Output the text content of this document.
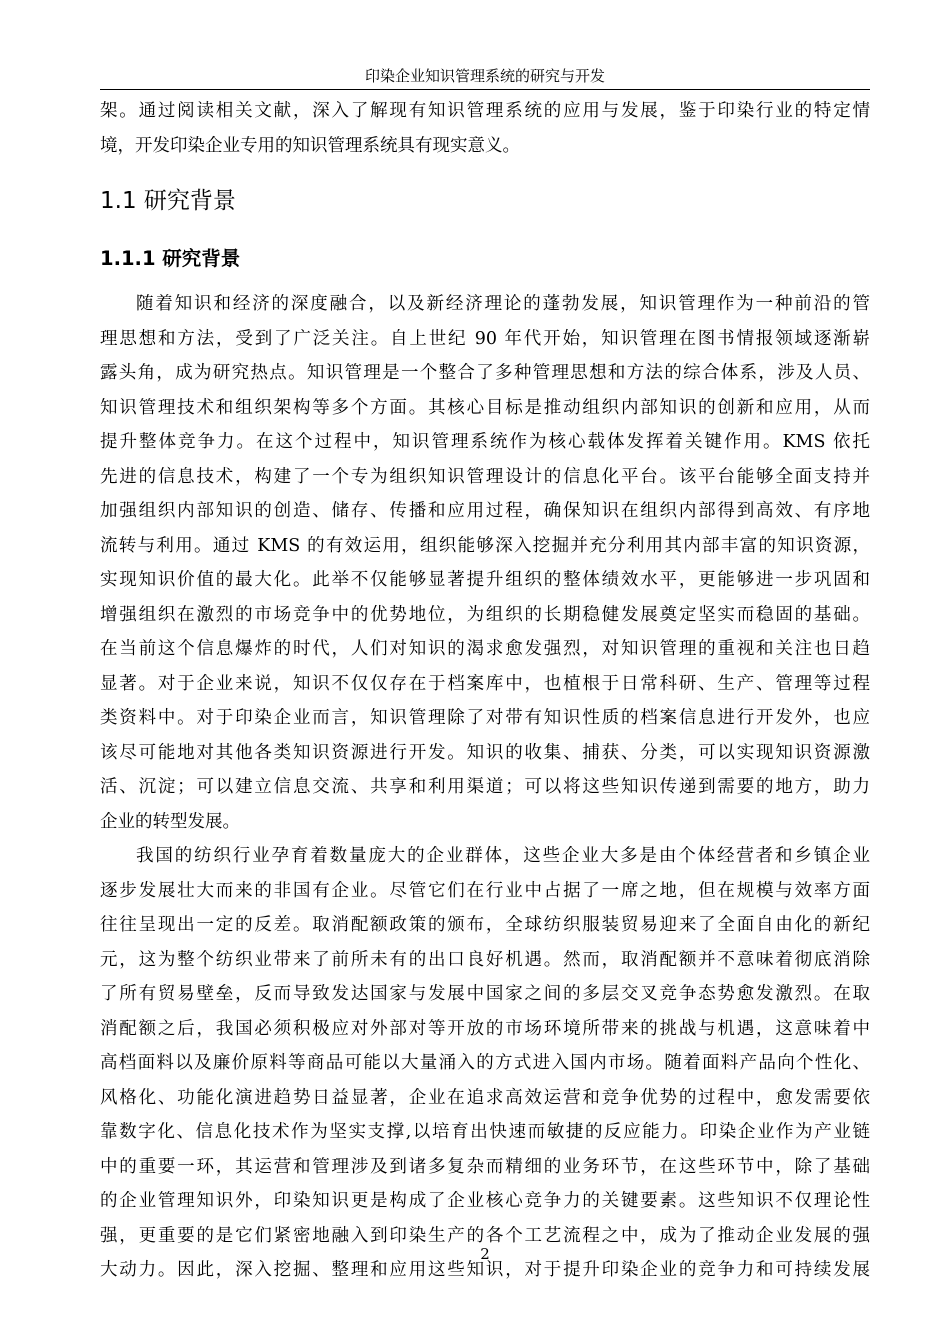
印染企业知识管理系统的研究与开发
架。通过阅读相关文献，深入了解现有知识管理系统的应用与发展，鉴于印染行业的特定情
境，开发印染企业专用的知识管理系统具有现实意义。
1.1 研究背景
1.1.1 研究背景
随着知识和经济的深度融合，以及新经济理论的蓬勃发展，知识管理作为一种前沿的管
理思想和方法，受到了广泛关注。自上世纪 90 年代开始，知识管理在图书情报领域逐渐崭
露头角，成为研究热点。知识管理是一个整合了多种管理思想和方法的综合体系，涉及人员、
知识管理技术和组织架构等多个方面。其核心目标是推动组织内部知识的创新和应用，从而
提升整体竞争力。在这个过程中，知识管理系统作为核心载体发挥着关键作用。KMS 依托
先进的信息技术，构建了一个专为组织知识管理设计的信息化平台。该平台能够全面支持并
加强组织内部知识的创造、储存、传播和应用过程，确保知识在组织内部得到高效、有序地
流转与利用。通过 KMS 的有效运用，组织能够深入挖掘并充分利用其内部丰富的知识资源，
实现知识价值的最大化。此举不仅能够显著提升组织的整体绩效水平，更能够进一步巩固和
增强组织在激烈的市场竞争中的优势地位，为组织的长期稳健发展奠定坚实而稳固的基础。
在当前这个信息爆炸的时代，人们对知识的渴求愈发强烈，对知识管理的重视和关注也日趋
显著。对于企业来说，知识不仅仅存在于档案库中，也植根于日常科研、生产、管理等过程
类资料中。对于印染企业而言，知识管理除了对带有知识性质的档案信息进行开发外，也应
该尽可能地对其他各类知识资源进行开发。知识的收集、捕获、分类，可以实现知识资源激
活、沉淀；可以建立信息交流、共享和利用渠道；可以将这些知识传递到需要的地方，助力
企业的转型发展。
我国的纺织行业孕育着数量庞大的企业群体，这些企业大多是由个体经营者和乡镇企业
逐步发展壮大而来的非国有企业。尽管它们在行业中占据了一席之地，但在规模与效率方面
往往呈现出一定的反差。取消配额政策的颁布，全球纺织服装贸易迎来了全面自由化的新纪
元，这为整个纺织业带来了前所未有的出口良好机遇。然而，取消配额并不意味着彻底消除
了所有贸易壁垒，反而导致发达国家与发展中国家之间的多层交叉竞争态势愈发激烈。在取
消配额之后，我国必须积极应对外部对等开放的市场环境所带来的挑战与机遇，这意味着中
高档面料以及廉价原料等商品可能以大量涌入的方式进入国内市场。随着面料产品向个性化、
风格化、功能化演进趋势日益显著，企业在追求高效运营和竞争优势的过程中，愈发需要依
靠数字化、信息化技术作为坚实支撑,以培育出快速而敏捷的反应能力。印染企业作为产业链
中的重要一环，其运营和管理涉及到诸多复杂而精细的业务环节，在这些环节中，除了基础
的企业管理知识外，印染知识更是构成了企业核心竞争力的关键要素。这些知识不仅理论性
强，更重要的是它们紧密地融入到印染生产的各个工艺流程之中，成为了推动企业发展的强
大动力。因此，深入挖掘、整理和应用这些知识，对于提升印染企业的竞争力和可持续发展
2
